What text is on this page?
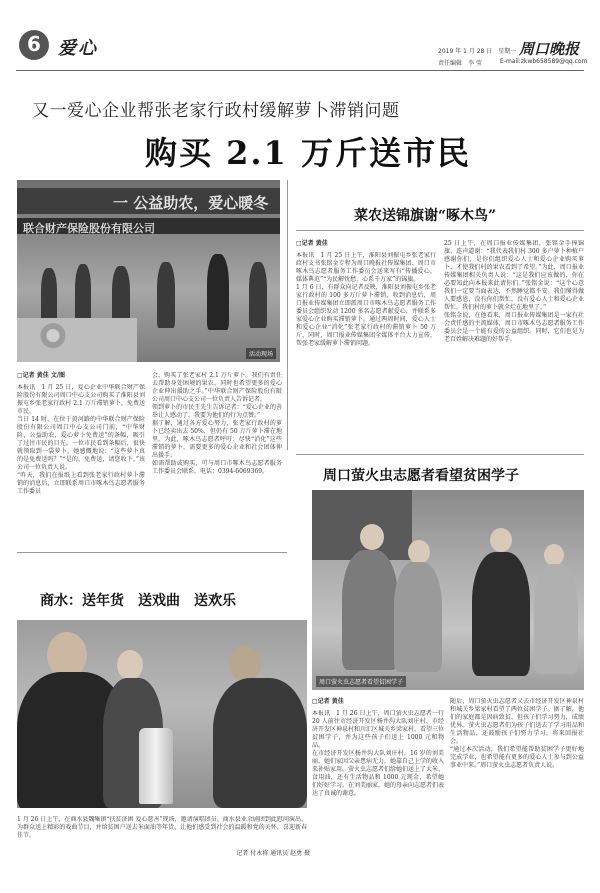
6 爱心	2019 年 1 月 28 日　星期一 周口晚报
责任编辑　李 莹	E-mail:zkwb658589@qq.com
又一爱心企业帮张老家行政村缓解萝卜滞销问题
购买 2.1 万斤送市民
一 公益助农，爱心暖冬
联合财产保险股份有限公司
活动现场

□记者 黄佳 文/图

本报讯　1 月 25 日，爱心企业中华联合财产保险股份有限公司周口中心支公司购买了淮阳县刘振屯乡张老家行政村 2.1 万斤滞销萝卜，免费送市民。
当日 14 时，在位于黄河路的中华联合财产保险股份有限公司周口中心支公司门前，“中华财险，公益助农，爱心萝卜免费送”的条幅，吸引了过往市民的目光。一位市民看到条幅后，很快就领取到一袋萝卜。她感慨地说：“这些萝卜真的是免费送吗？”“是的，免费送，请您收下。”该公司一位负责人说。
“昨天，我们在报纸上看到张老家行政村萝卜滞销的消息后，立即联系周口市啄木鸟志愿者服务工作委员

会，购买了张老家村 2.1 万斤萝卜。我们有责任去帮助身处困境的果农，同时也希望更多的爱心企业伸出援助之手。”中华联合财产保险股份有限公司周口中心支公司一位负责人告诉记者。
领到萝卜的市民王先生告诉记者：“爱心企业的善举让人感动了，我要为他们的行为点赞。”
据了解，通过各方爱心努力，张老家行政村的萝卜已经卖出去 50%，但仍有 50 万斤萝卜滞在地里。为此，啄木鸟志愿者呼吁：尽快“消化”这些滞销的萝卜，需要更多的爱心企业和社会团体伸出援手。
如需帮助或购买，可与周口市啄木鸟志愿者服务工作委员会联系，电话：0394-6069369。

菜农送锦旗谢“啄木鸟”

□记者 黄佳

本报讯　1 月 25 日上午，淮阳县刘振屯乡张老家行政村支书张铭金专程为周口晚报社传媒集团、周口市啄木鸟志愿者服务工作委员会送来写有“传播爱心，媒体典范”“为民解忧愁，心系千万家”的锦旗。
1 月 6 日，有群众向记者反映，淮阳县刘振屯乡张老家行政村的 100 多万斤萝卜滞销，收到消息后，周口报业传媒集团立即派周口市啄木鸟志愿者服务工作委员会组织发动 1200 多名志愿者献爱心，并联系多家爱心企业购买滞销萝卜。通过两周时间，爱心人士和爱心企业“消化”张老家行政村的滞销萝卜 50 万斤，同时，周口报业传媒集团全媒体平台大力宣传，帮张老家缓解萝卜滞销问题。

25 日上午，在周口报业传媒集团，张铭金手捧锦旗，连声道谢：“我代表我们村 300 多户萝卜种植户感谢你们，是你们组织爱心人士和爱心企业购买萝卜，才使我们村的果农看到了希望。”为此，周口报业传媒集团相关负责人说：“这是我们应该做的，你在必要知此向本报来此请你们。”张铭金说：“这个心意我们一定要当面表达，不然睡觉都不安。我们懂得做人要感恩，没有你们帮忙，没有爱心人士和爱心企业帮忙，我们村的萝卜就全烂在地里了。”
张铭金说，在他看来，周口报业传媒集团是一家有社会责任感的主流媒体，周口市啄木鸟志愿者服务工作委员会是一个能有爱的公益组织。同时，它们也是为老百姓解决难题的好帮手。

周口萤火虫志愿者看望贫困学子
周口萤火虫志愿者看望贫困学子

□记者 黄佳

本报讯　1 月 26 日上午，周口萤火虫志愿者一行 20 人前往市经济开发区杨井沟大队刘庄村、市经济开发区神泉村和川汇区城关乡梁家村，看望三位贫困学子，并为这些孩子们送上 1000 元和物品。
在市经济开发区杨井沟大队刘庄村，16 岁的刘美丽，她们家因父亲患病无力，她靠自己上学的收入来补贴家用。萤火虫志愿者们给她们送上了大米、食用油，还有生活物品和 1000 元现金，希望她们好好学习。在刘美丽家，她的母亲向志愿者们表达了真诚的谢意。

随后，周口萤火虫志愿者又去市经济开发区神泉村和城关乡梁家村看望了两位贫困学子。据了解，他们的家庭都是因病致贫，但孩子们学习努力，成绩优异。萤火虫志愿者们为孩子们送去了学习用品和生活物品，还鼓励孩子们努力学习，将来回报社会。
“通过本次活动，我们希望能帮助贫困学子更好地完成学业，也希望能有更多的爱心人士参与到公益事业中来。”周口萤火虫志愿者负责人说。

商水：送年货　送戏曲　送欢乐

1 月 26 日上午，在商水县魏集镇“扶贫济困 爱心慈善”现场，邀请演唱团员、商水县业余剧团到此慰问演出，为群众送上精彩的戏曲节目，并给贫困户送去米面油等年货，让他们感受到社会的温暖和党的关怀，喜迎新春佳节。

记者 付永将 通讯员 赵勇 摄
